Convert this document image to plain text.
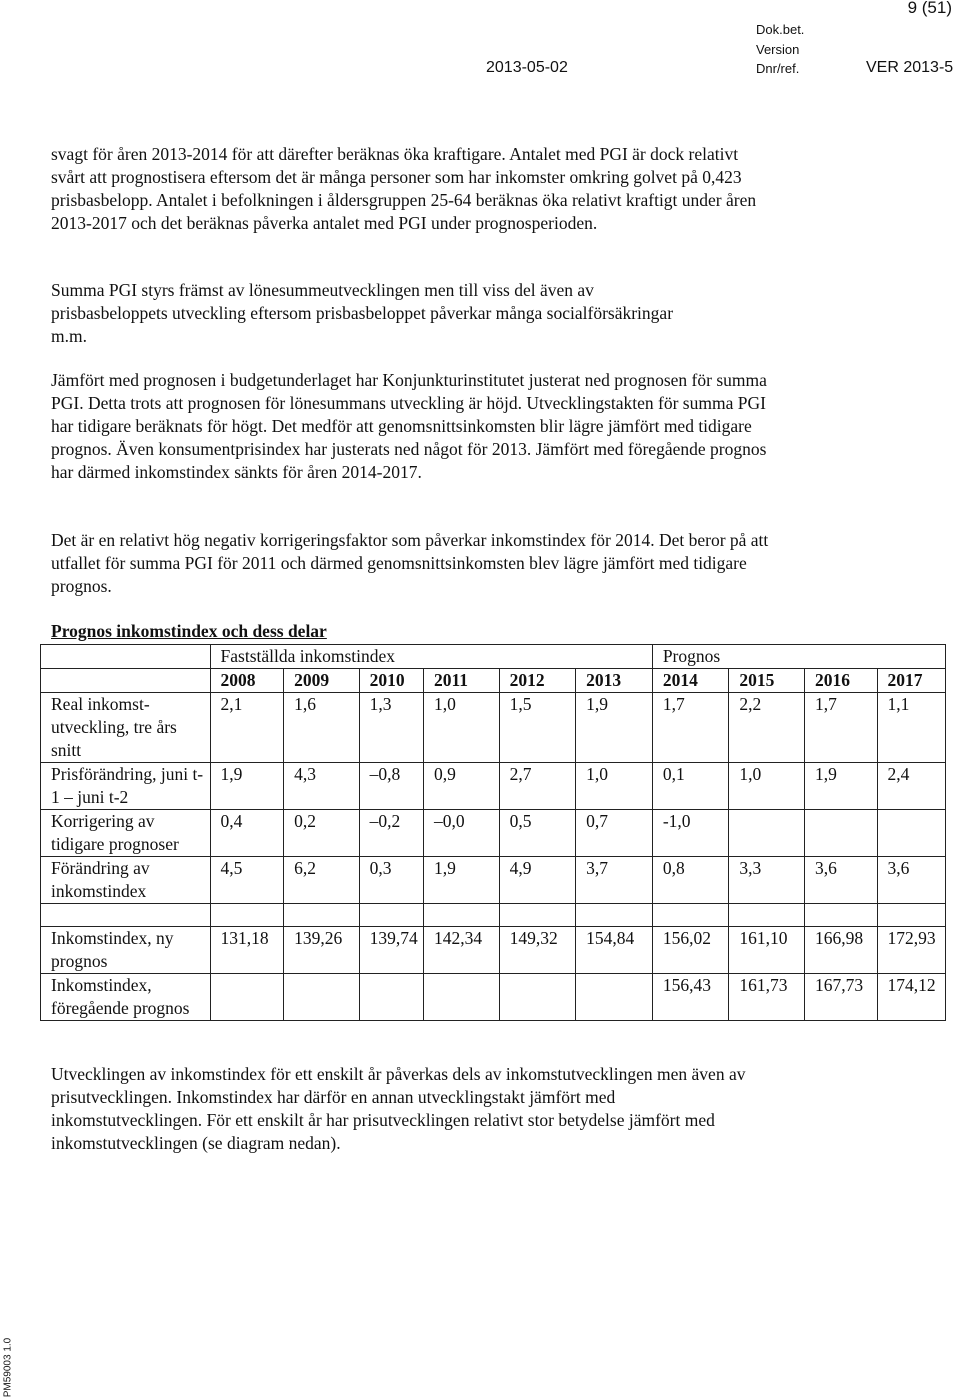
9 (51)
Dok.bet.
Version
2013-05-02	Dnr/ref.	VER 2013-5

svagt för åren 2013-2014 för att därefter beräknas öka kraftigare. Antalet med PGI är dock relativt svårt att prognostisera eftersom det är många personer som har inkomster omkring golvet på 0,423 prisbasbelopp. Antalet i befolkningen i åldersgruppen 25-64 beräknas öka relativt kraftigt under åren 2013-2017 och det beräknas påverka antalet med PGI under prognosperioden.

Summa PGI styrs främst av lönesummeutvecklingen men till viss del även av prisbasbeloppets utveckling eftersom prisbasbeloppet påverkar många socialförsäkringar m.m.

Jämfört med prognosen i budgetunderlaget har Konjunkturinstitutet justerat ned prognosen för summa PGI. Detta trots att prognosen för lönesummans utveckling är höjd. Utvecklingstakten för summa PGI har tidigare beräknats för högt. Det medför att genomsnittsinkomsten blir lägre jämfört med tidigare prognos. Även konsumentprisindex har justerats ned något för 2013. Jämfört med föregående prognos har därmed inkomstindex sänkts för åren 2014-2017.

Det är en relativt hög negativ korrigeringsfaktor som påverkar inkomstindex för 2014. Det beror på att utfallet för summa PGI för 2011 och därmed genomsnittsinkomsten blev lägre jämfört med tidigare prognos.

Prognos inkomstindex och dess delar
	Fastställda inkomstindex						Prognos			
	2008	2009	2010	2011	2012	2013	2014	2015	2016	2017
Real inkomst-utveckling, tre års snitt	2,1	1,6	1,3	1,0	1,5	1,9	1,7	2,2	1,7	1,1
Prisförändring, juni t-1 – juni t-2	1,9	4,3	–0,8	0,9	2,7	1,0	0,1	1,0	1,9	2,4
Korrigering av tidigare prognoser	0,4	0,2	–0,2	–0,0	0,5	0,7	-1,0			
Förändring av inkomstindex	4,5	6,2	0,3	1,9	4,9	3,7	0,8	3,3	3,6	3,6

Inkomstindex, ny prognos	131,18	139,26	139,74	142,34	149,32	154,84	156,02	161,10	166,98	172,93
Inkomstindex, föregående prognos							156,43	161,73	167,73	174,12

Utvecklingen av inkomstindex för ett enskilt år påverkas dels av inkomstutvecklingen men även av prisutvecklingen. Inkomstindex har därför en annan utvecklingstakt jämfört med inkomstutvecklingen. För ett enskilt år har prisutvecklingen relativt stor betydelse jämfört med inkomstutvecklingen (se diagram nedan).

PM59003 1.0
